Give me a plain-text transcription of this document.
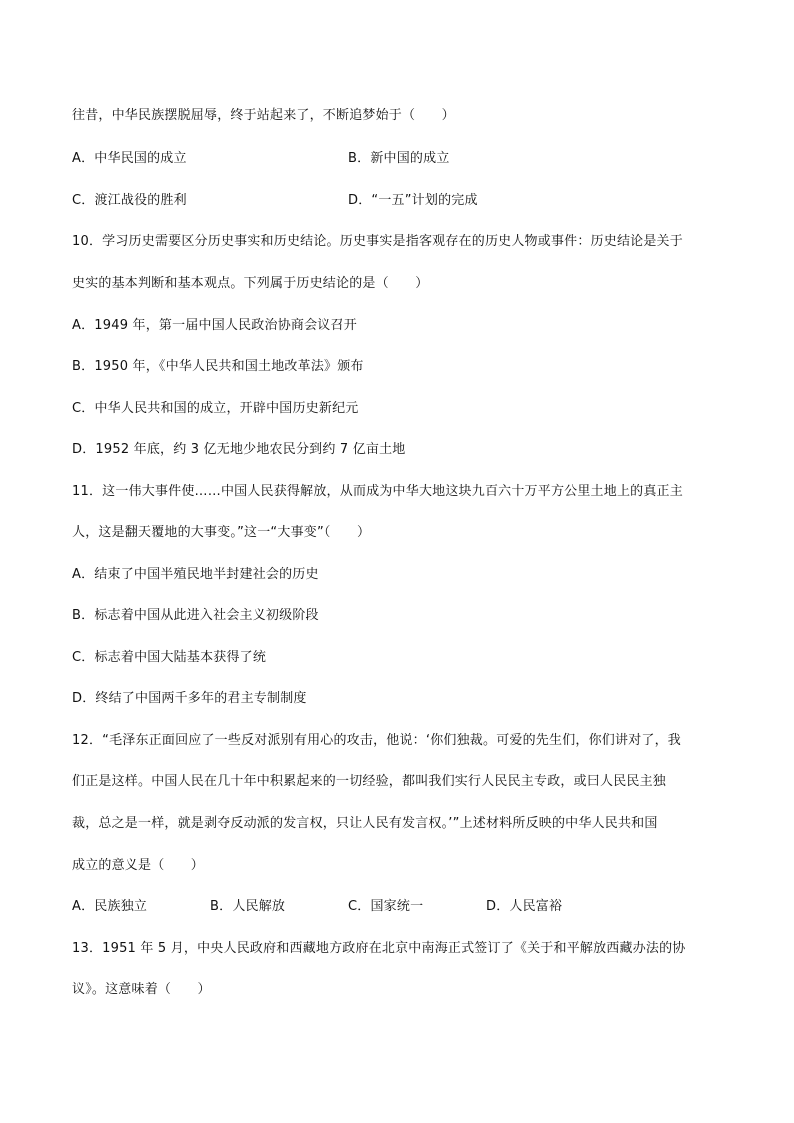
往昔，中华民族摆脱屈辱，终于站起来了，不断追梦始于（　　）
A．中华民国的成立	B．新中国的成立
C．渡江战役的胜利	D．“一五”计划的完成
10．学习历史需要区分历史事实和历史结论。历史事实是指客观存在的历史人物或事件：历史结论是关于
史实的基本判断和基本观点。下列属于历史结论的是（　　）
A．1949 年，第一届中国人民政治协商会议召开
B．1950 年，《中华人民共和国土地改革法》颁布
C．中华人民共和国的成立，开辟中国历史新纪元
D．1952 年底，约 3 亿无地少地农民分到约 7 亿亩土地
11．这一伟大事件使……中国人民获得解放，从而成为中华大地这块九百六十万平方公里土地上的真正主
人，这是翻天覆地的大事变。”这一“大事变”（　　）
A．结束了中国半殖民地半封建社会的历史
B．标志着中国从此进入社会主义初级阶段
C．标志着中国大陆基本获得了统
D．终结了中国两千多年的君主专制制度
12．“毛泽东正面回应了一些反对派别有用心的攻击，他说：‘你们独裁。可爱的先生们，你们讲对了，我
们正是这样。中国人民在几十年中积累起来的一切经验，都叫我们实行人民民主专政，或曰人民民主独
裁，总之是一样，就是剥夺反动派的发言权，只让人民有发言权。’”上述材料所反映的中华人民共和国
成立的意义是（　　）
A．民族独立	B．人民解放	C．国家统一	D．人民富裕
13．1951 年 5 月，中央人民政府和西藏地方政府在北京中南海正式签订了《关于和平解放西藏办法的协
议》。这意味着（　　）
